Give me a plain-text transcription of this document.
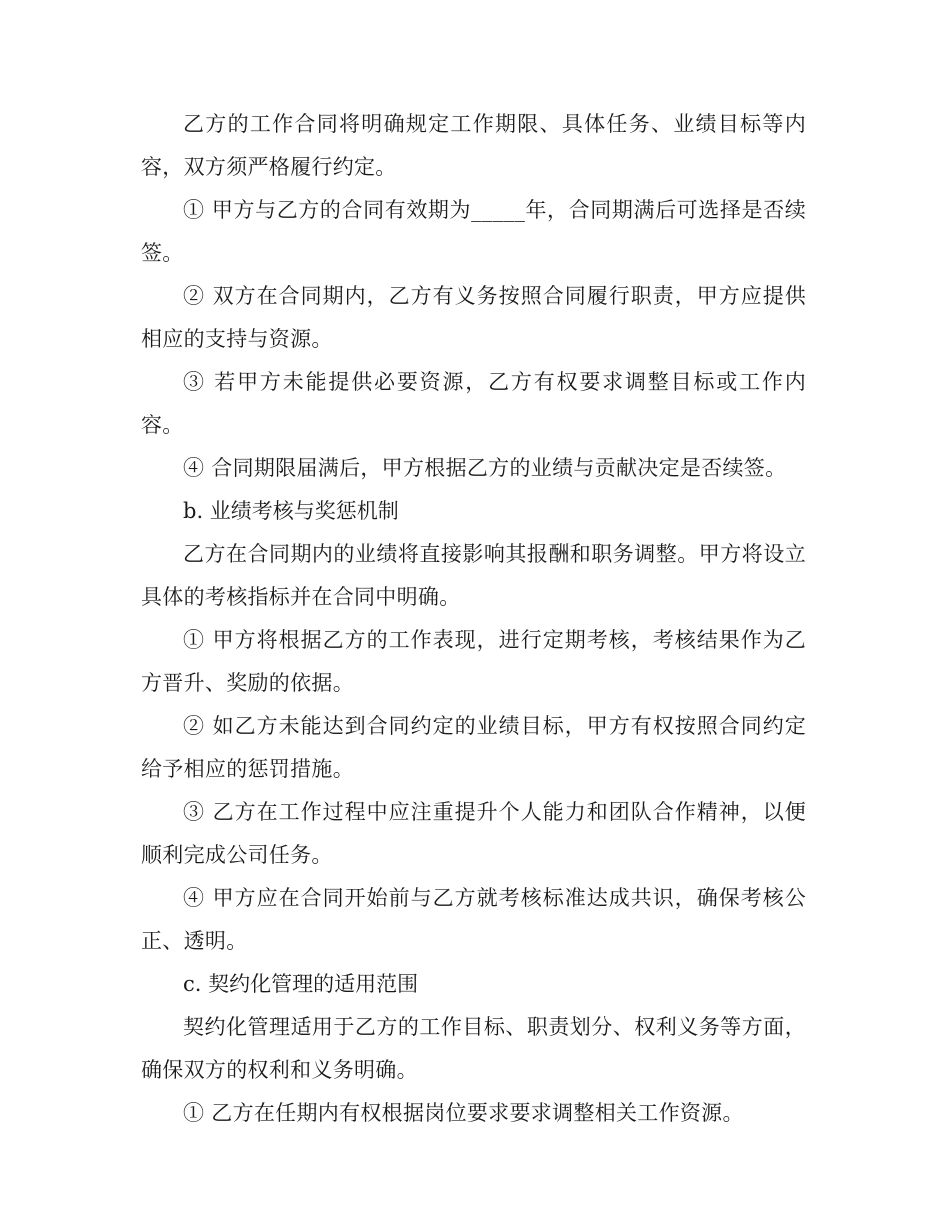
乙方的工作合同将明确规定工作期限、具体任务、业绩目标等内容，双方须严格履行约定。

① 甲方与乙方的合同有效期为_____年，合同期满后可选择是否续签。

② 双方在合同期内，乙方有义务按照合同履行职责，甲方应提供相应的支持与资源。

③ 若甲方未能提供必要资源，乙方有权要求调整目标或工作内容。

④ 合同期限届满后，甲方根据乙方的业绩与贡献决定是否续签。

b. 业绩考核与奖惩机制

乙方在合同期内的业绩将直接影响其报酬和职务调整。甲方将设立具体的考核指标并在合同中明确。

① 甲方将根据乙方的工作表现，进行定期考核，考核结果作为乙方晋升、奖励的依据。

② 如乙方未能达到合同约定的业绩目标，甲方有权按照合同约定给予相应的惩罚措施。

③ 乙方在工作过程中应注重提升个人能力和团队合作精神，以便顺利完成公司任务。

④ 甲方应在合同开始前与乙方就考核标准达成共识，确保考核公正、透明。

c. 契约化管理的适用范围

契约化管理适用于乙方的工作目标、职责划分、权利义务等方面，确保双方的权利和义务明确。

① 乙方在任期内有权根据岗位要求要求调整相关工作资源。
